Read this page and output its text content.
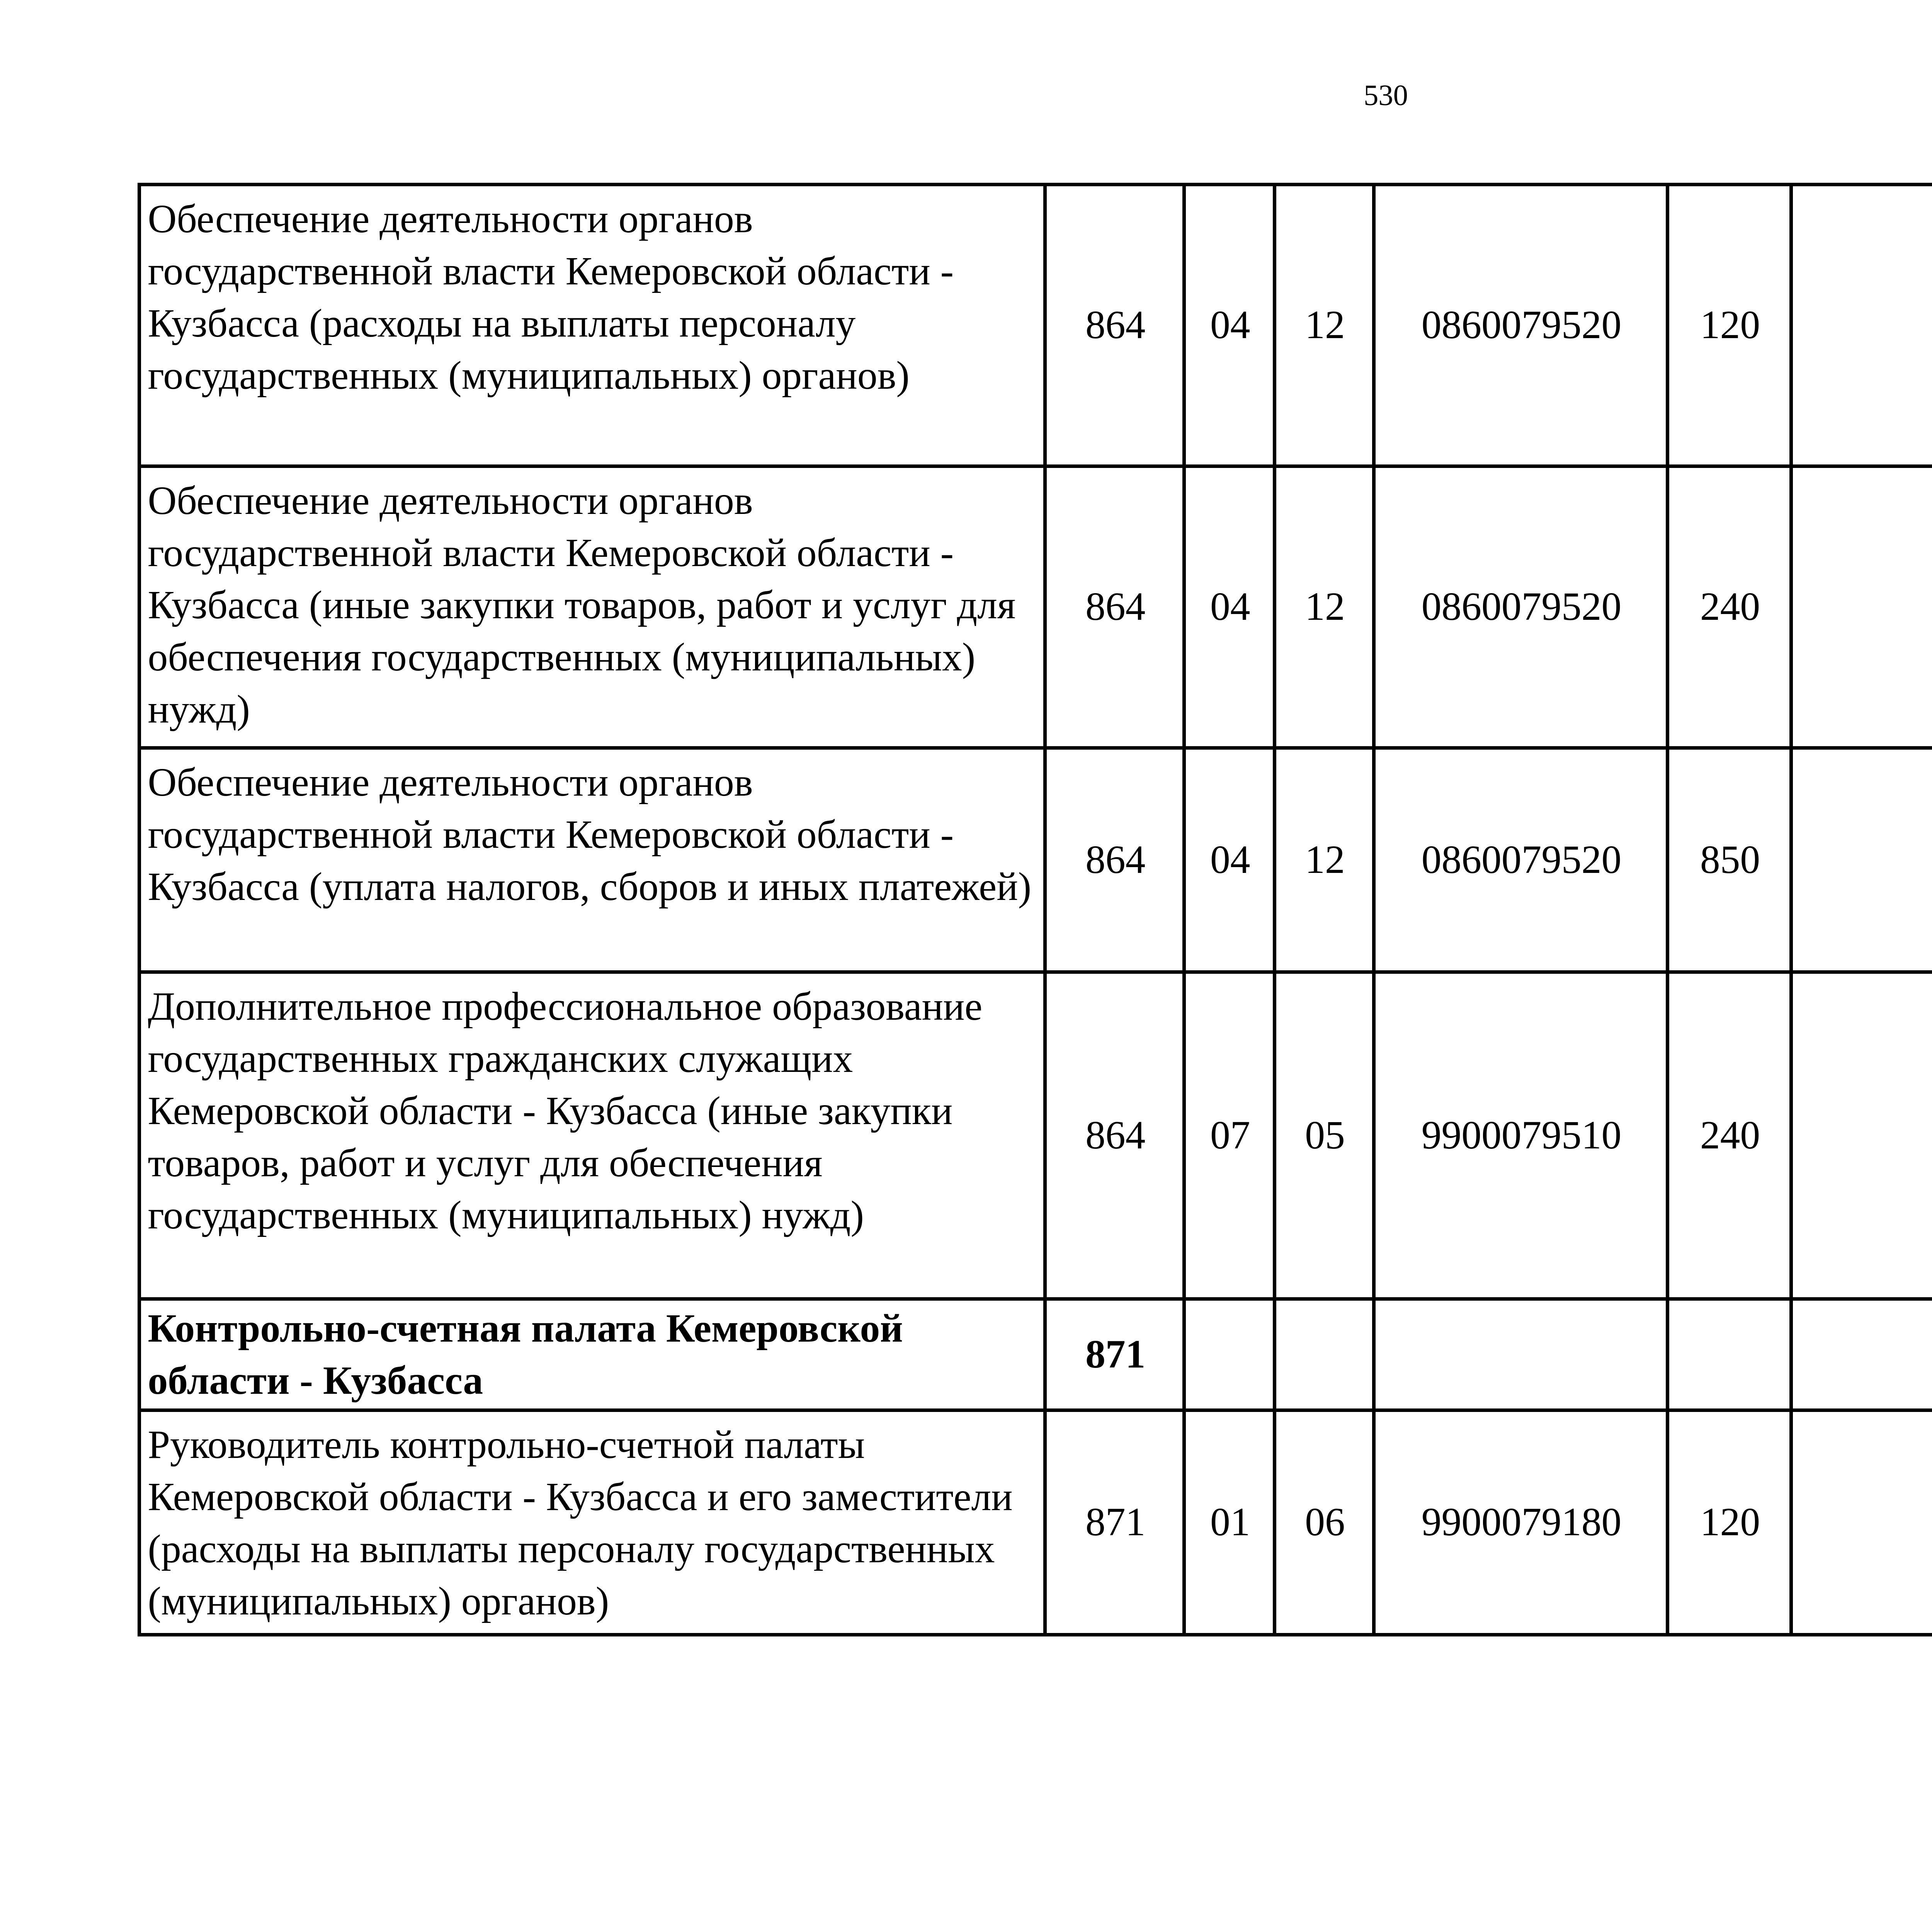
530
Обеспечение деятельности органов государственной власти Кемеровской области - Кузбасса (расходы на выплаты персоналу государственных (муниципальных) органов)	864	04	12	0860079520	120			
Обеспечение деятельности органов государственной власти Кемеровской области - Кузбасса (иные закупки товаров, работ и услуг для обеспечения государственных (муниципальных) нужд)	864	04	12	0860079520	240			
Обеспечение деятельности органов государственной власти Кемеровской области - Кузбасса (уплата налогов, сборов и иных платежей)	864	04	12	0860079520	850			
Дополнительное профессиональное образование государственных гражданских служащих Кемеровской области - Кузбасса (иные закупки товаров, работ и услуг для обеспечения государственных (муниципальных) нужд)	864	07	05	9900079510	240			
Контрольно-счетная палата Кемеровской области - Кузбасса	871							
Руководитель контрольно-счетной палаты Кемеровской области - Кузбасса и его заместители (расходы на выплаты персоналу государственных (муниципальных) органов)	871	01	06	9900079180	120			
